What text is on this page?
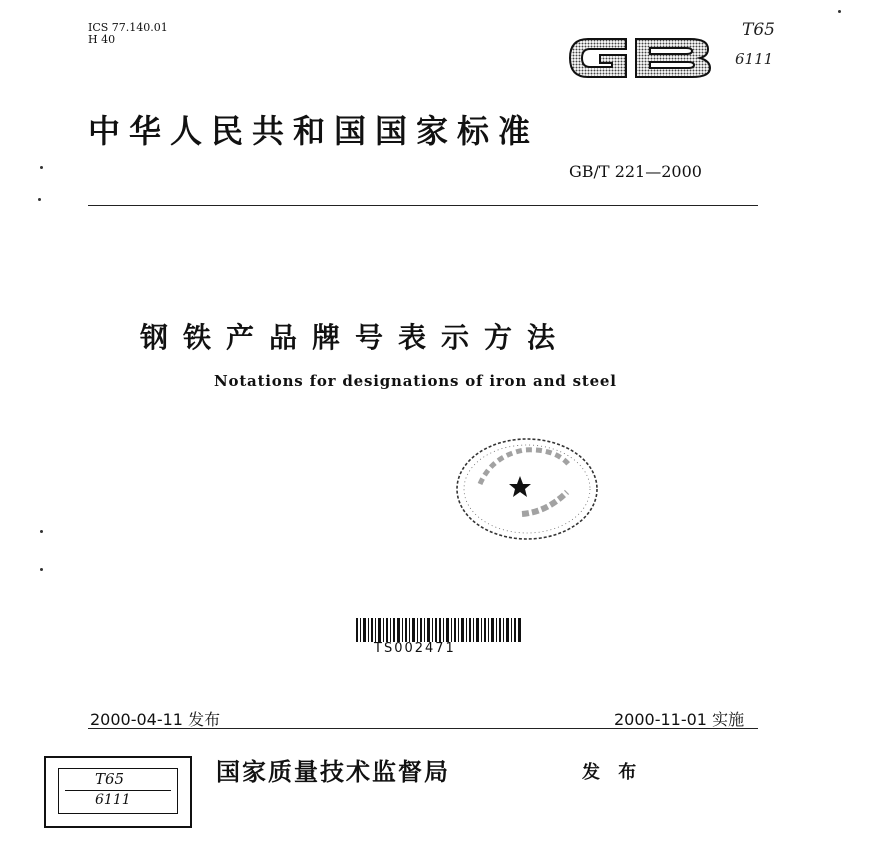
ICS 77.140.01
H 40	T65
6111
中华人民共和国国家标准
GB/T 221—2000
钢铁产品牌号表示方法
Notations for designations of iron and steel
TS002471
2000-04-11 发布	2000-11-01 实施
国家质量技术监督局	发 布
T65
6111
